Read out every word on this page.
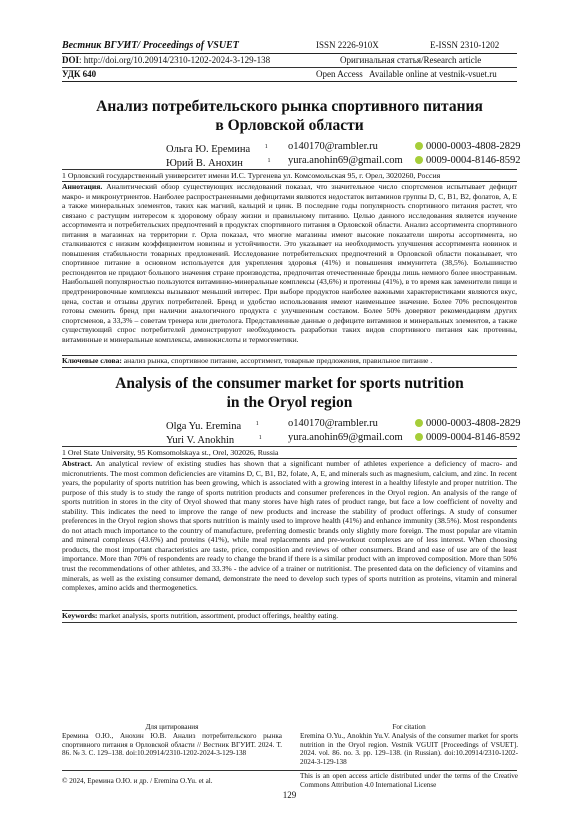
Вестник ВГУИТ/ Proceedings of VSUET	ISSN 2226-910X	E-ISSN 2310-1202
DOI: http://doi.org/10.20914/2310-1202-2024-3-129-138	Оригинальная статья/Research article
УДК 640	Open Access Available online at vestnik-vsuet.ru
Анализ потребительского рынка спортивного питания
в Орловской области
Ольга Ю. Еремина $^1$ o140170@rambler.ru	0000-0003-4808-2829
Юрий В. Анохин	$^1$ yura.anohin69@gmail.com	0009-0004-8146-8592
1 Орловский государственный университет имени И.С. Тургенева ул. Комсомольская 95, г. Орел, 3020260, Россия
Аннотация. Аналитический обзор существующих исследований показал, что значительное число спортсменов испытывает дефицит макро- и микронутриентов. Наиболее распространенными дефицитами являются недостаток витаминов группы D, C, B1, B2, фолатов, A, E а также минеральных элементов, таких как магний, кальций и цинк. В последние годы популярность спортивного питания растет, что связано с растущим интересом к здоровому образу жизни и правильному питанию. Целью данного исследования является изучение ассортимента и потребительских предпочтений в продуктах спортивного питания в Орловской области. Анализ ассортимента спортивного питания в магазинах на территории г. Орла показал, что многие магазины имеют высокие показатели широты ассортимента, но сталкиваются с низким коэффициентом новизны и устойчивости. Это указывает на необходимость улучшения ассортимента новинок и повышения стабильности товарных предложений. Исследование потребительских предпочтений в Орловской области показывает, что спортивное питание в основном используется для укрепления здоровья (41%) и повышения иммунитета (38,5%). Большинство респондентов не придают большого значения стране производства, предпочитая отечественные бренды лишь немного более иностранным. Наибольшей популярностью пользуются витаминно-минеральные комплексы (43,6%) и протеины (41%), в то время как заменители пищи и предтренировочные комплексы вызывают меньший интерес. При выборе продуктов наиболее важными характеристиками являются вкус, цена, состав и отзывы других потребителей. Бренд и удобство использования имеют наименьшее значение. Более 70% респондентов готовы сменить бренд при наличии аналогичного продукта с улучшенным составом. Более 50% доверяют рекомендациям других спортсменов, а 33,3% – советам тренера или диетолога. Представленные данные о дефиците витаминов и минеральных элементов, а также существующий спрос потребителей демонстрируют необходимость разработки таких видов спортивного питания как протеины, витаминные и минеральные комплексы, аминокислоты и термогенетики.
Ключевые слова: анализ рынка, спортивное питание, ассортимент, товарные предложения, правильное питание .
Analysis of the consumer market for sports nutrition
in the Oryol region
Olga Yu. Eremina $^1$	o140170@rambler.ru	0000-0003-4808-2829
Yuri V. Anokhin	$^1$ yura.anohin69@gmail.com	0009-0004-8146-8592
1 Orel State University, 95 Komsomolskaya st., Orel, 302026, Russia
Abstract. An analytical review of existing studies has shown that a significant number of athletes experience a deficiency of macro- and micronutrients. The most common deficiencies are vitamins D, C, B1, B2, folate, A, E, and minerals such as magnesium, calcium, and zinc. In recent years, the popularity of sports nutrition has been growing, which is associated with a growing interest in a healthy lifestyle and proper nutrition. The purpose of this study is to study the range of sports nutrition products and consumer preferences in the Oryol region. An analysis of the range of sports nutrition in stores in the city of Oryol showed that many stores have high rates of product range, but face a low coefficient of novelty and stability. This indicates the need to improve the range of new products and increase the stability of product offerings. A study of consumer preferences in the Oryol region shows that sports nutrition is mainly used to improve health (41%) and enhance immunity (38.5%). Most respondents do not attach much importance to the country of manufacture, preferring domestic brands only slightly more foreign. The most popular are vitamin and mineral complexes (43.6%) and proteins (41%), while meal replacements and pre-workout complexes are of less interest. When choosing products, the most important characteristics are taste, price, composition and reviews of other consumers. Brand and ease of use are of the least importance. More than 70% of respondents are ready to change the brand if there is a similar product with an improved composition. More than 50% trust the recommendations of other athletes, and 33.3% - the advice of a trainer or nutritionist. The presented data on the deficiency of vitamins and minerals, as well as the existing consumer demand, demonstrate the need to develop such types of sports nutrition as proteins, vitamin and mineral complexes, amino acids and thermogenetics.
Keywords: market analysis, sports nutrition, assortment, product offerings, healthy eating.
Для цитирования
Еремина О.Ю., Анохин Ю.В. Анализ потребительского рынка спортивного питания в Орловской области // Вестник ВГУИТ. 2024. Т. 86. № 3. С. 129–138. doi:10.20914/2310-1202-2024-3-129-138
For citation
Eremina O.Yu., Anokhin Yu.V. Analysis of the consumer market for sports nutrition in the Oryol region. Vestnik VGUIT [Proceedings of VSUET]. 2024. vol. 86. no. 3. pp. 129–138. (in Russian). doi:10.20914/2310-1202-2024-3-129-138
© 2024, Еремина О.Ю. и др. / Eremina O.Yu. et al.
This is an open access article distributed under the terms of the Creative Commons Attribution 4.0 International License
129
